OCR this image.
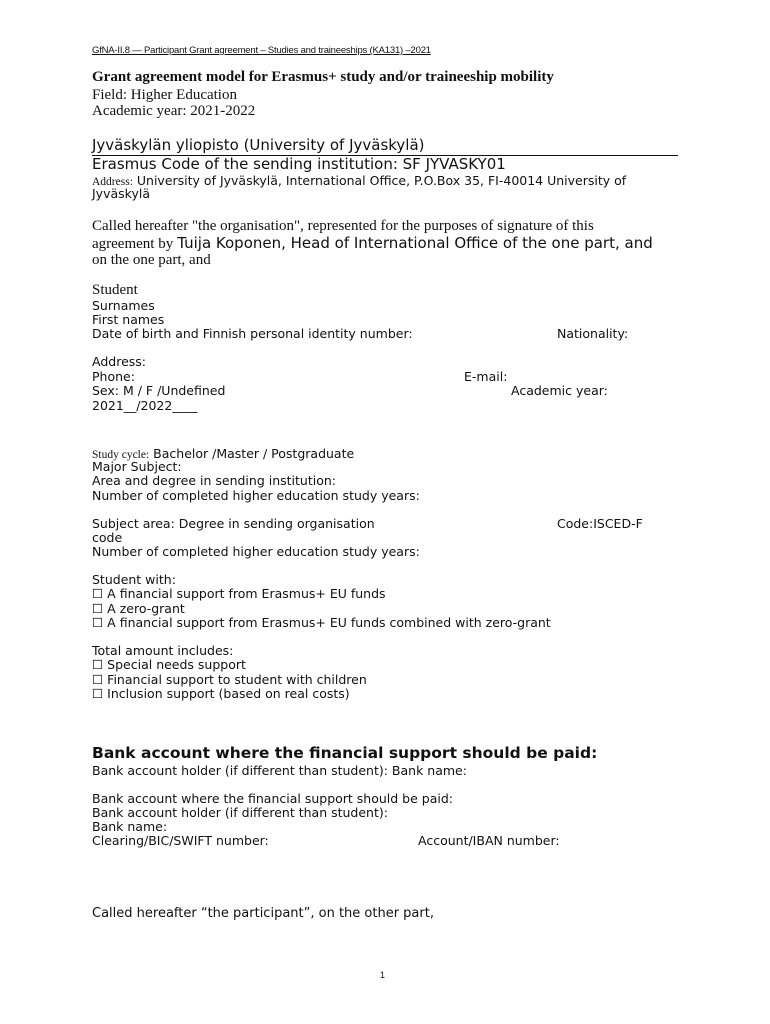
GfNA-II.8 — Participant Grant agreement – Studies and traineeships (KA131) –2021
Grant agreement model for Erasmus+ study and/or traineeship mobility
Field: Higher Education
Academic year: 2021-2022
Jyväskylän yliopisto (University of Jyväskylä)
Erasmus Code of the sending institution: SF JYVASKY01
Address: University of Jyväskylä, International Office, P.O.Box 35, FI-40014 University of
Jyväskylä
Called hereafter "the organisation", represented for the purposes of signature of this
agreement by Tuija Koponen, Head of International Office of the one part, and
on the one part, and
Student
Surnames
First names
Date of birth and Finnish personal identity number:	Nationality:
Address:
Phone:	E-mail:
Sex: M / F /Undefined	Academic year:
2021__/2022____
Study cycle: Bachelor /Master / Postgraduate
Major Subject:
Area and degree in sending institution:
Number of completed higher education study years:
Subject area: Degree in sending organisation	Code:ISCED-F
code
Number of completed higher education study years:
Student with:
☐ A financial support from Erasmus+ EU funds
☐ A zero-grant
☐ A financial support from Erasmus+ EU funds combined with zero-grant
Total amount includes:
☐ Special needs support
☐ Financial support to student with children
☐ Inclusion support (based on real costs)
Bank account where the financial support should be paid:
Bank account holder (if different than student): Bank name:
Bank account where the financial support should be paid:
Bank account holder (if different than student):
Bank name:
Clearing/BIC/SWIFT number:	Account/IBAN number:
Called hereafter “the participant”, on the other part,
1
